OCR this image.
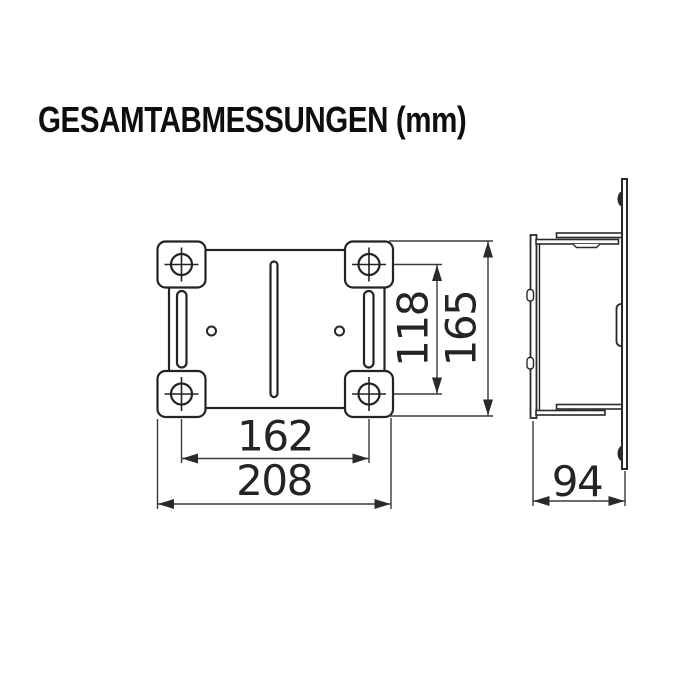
GESAMTABMESSUNGEN (mm)
118 165
162
208	94
